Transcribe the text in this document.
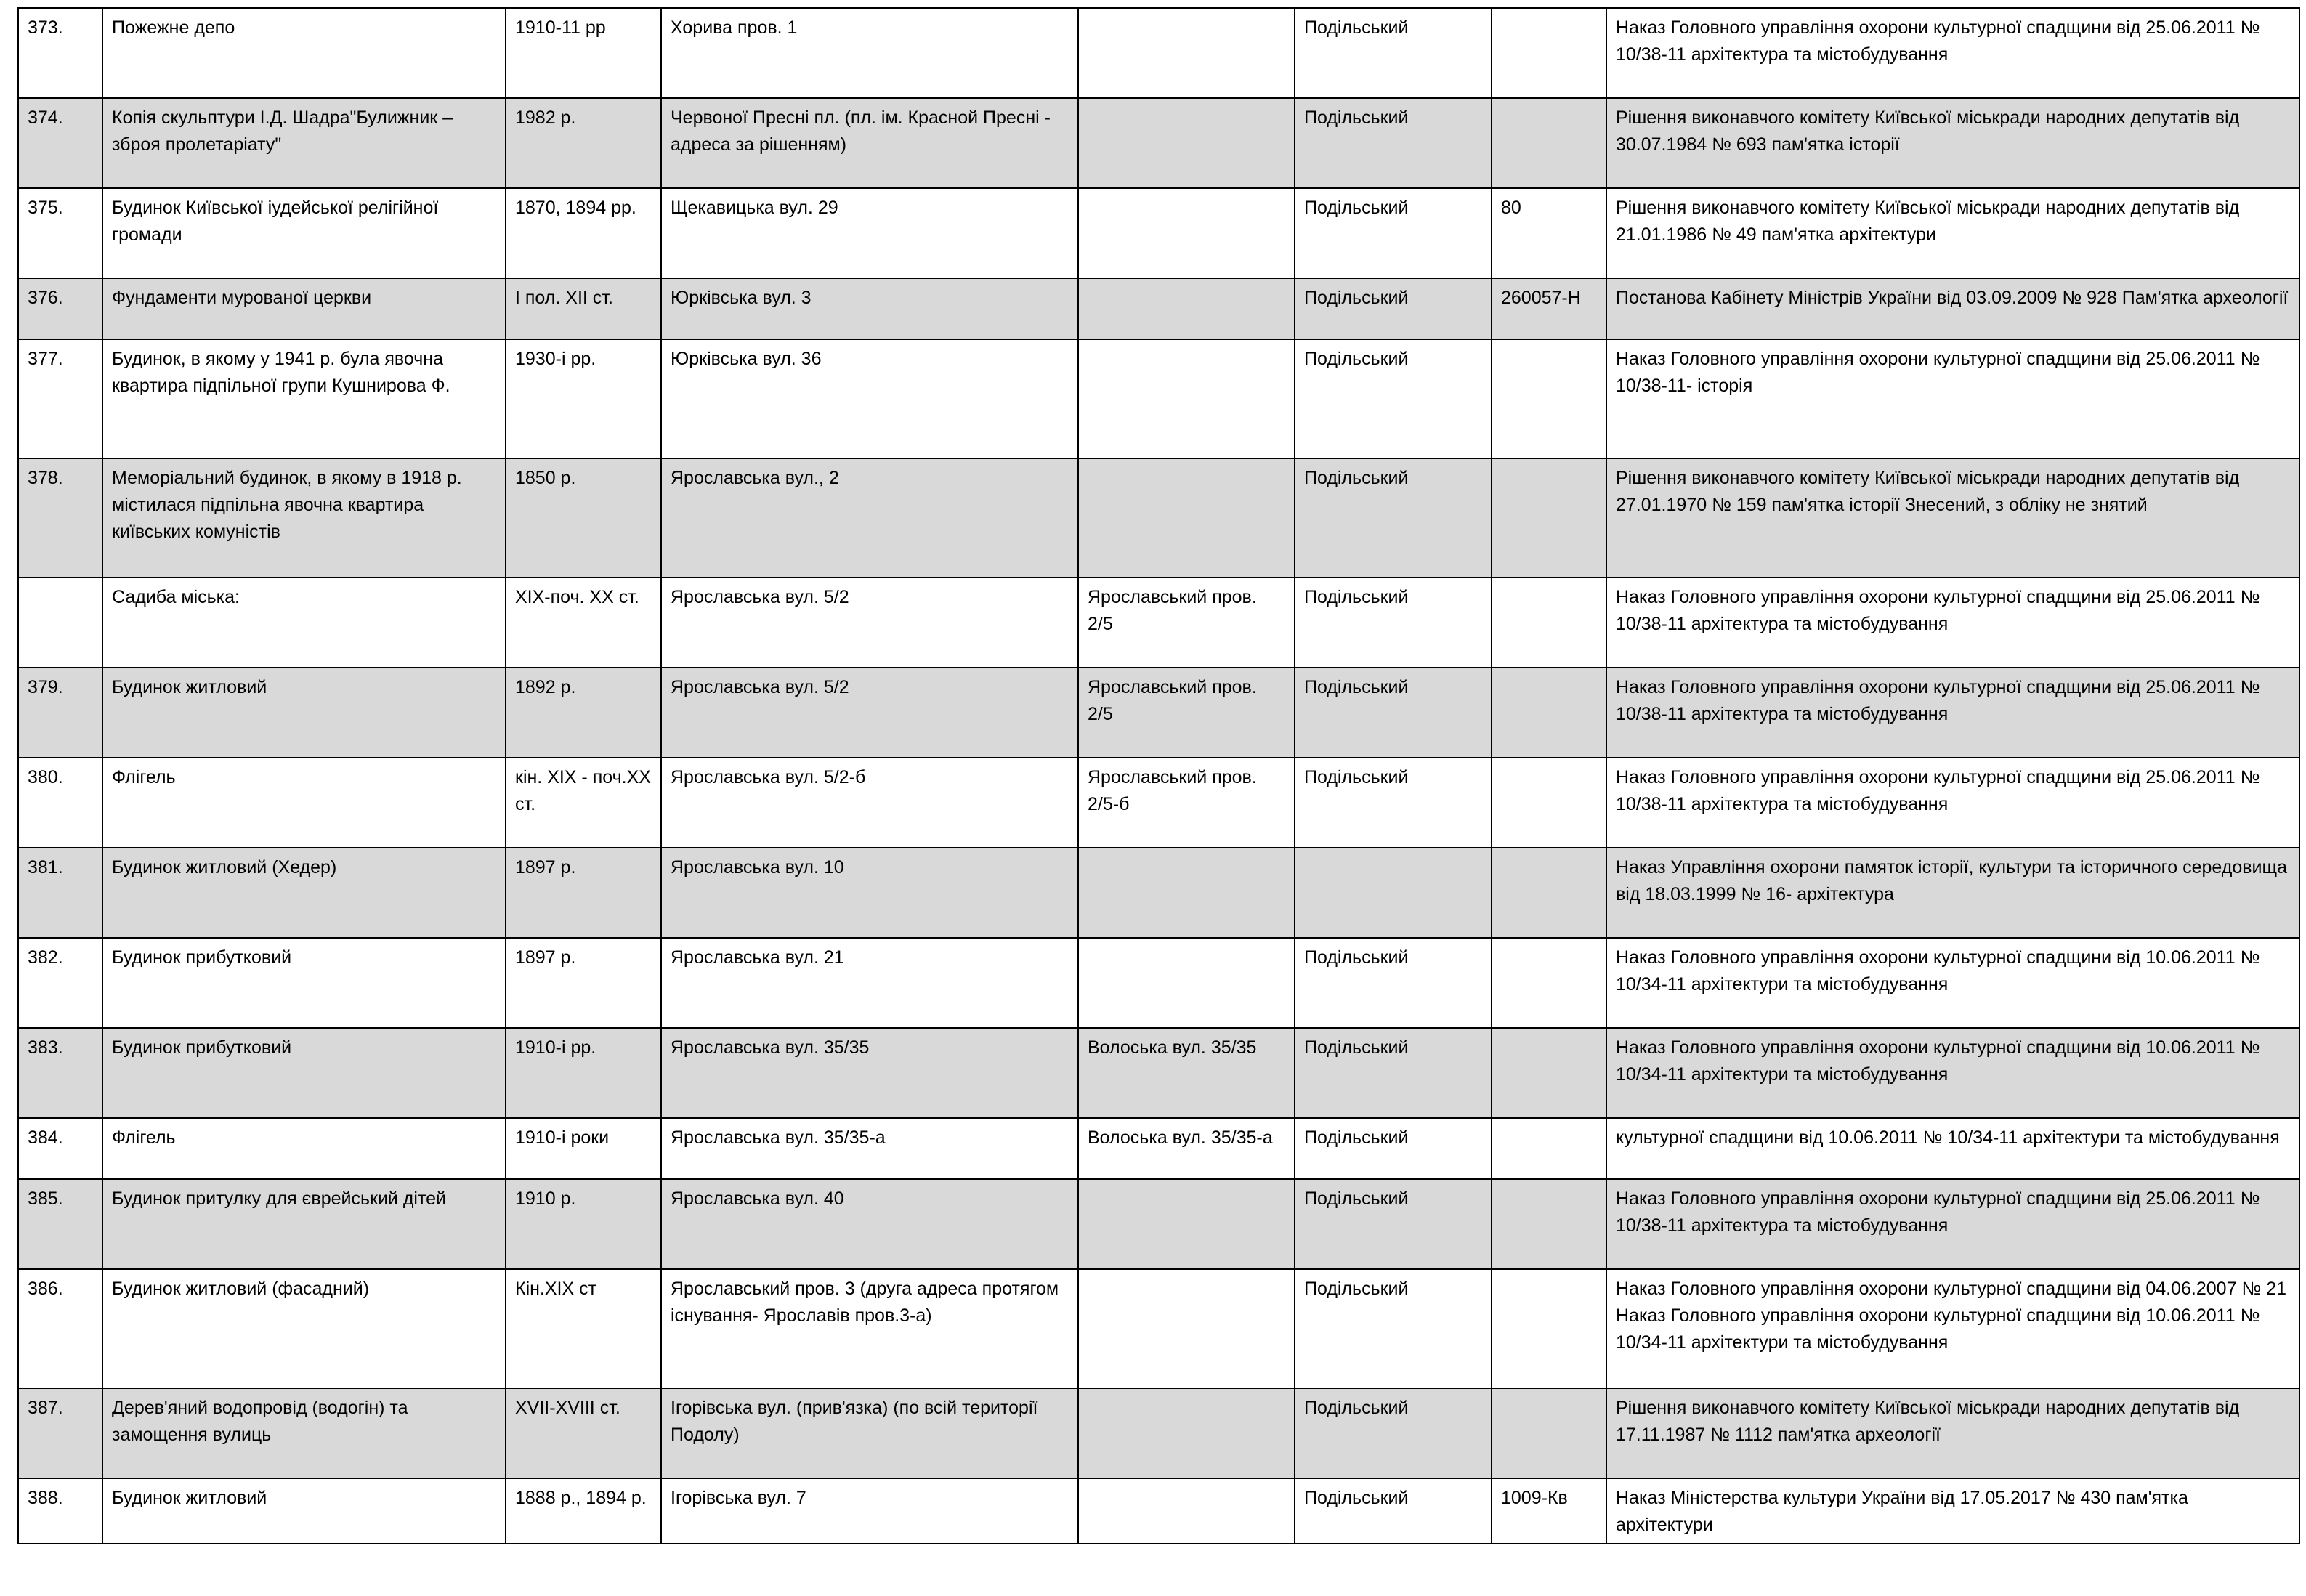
373.	Пожежне депо	1910-11 рр	Хорива пров. 1		Подільський		Наказ Головного управління охорони культурної спадщини від 25.06.2011 № 10/38-11 архітектура та містобудування
374.	Копія скульптури І.Д. Шадра"Булижник – зброя пролетаріату"	1982 р.	Червоної Пресні пл. (пл. ім. Красной Пресні - адреса за рішенням)		Подільський		Рішення виконавчого комітету Київської міськради народних депутатів від 30.07.1984 № 693 пам'ятка історії
375.	Будинок Київської іудейської релігійної громади	1870, 1894 рр.	Щекавицька вул. 29		Подільський	80	Рішення виконавчого комітету Київської міськради народних депутатів від 21.01.1986 № 49 пам'ятка архітектури
376.	Фундаменти мурованої церкви	І пол. ХІІ ст.	Юрківська вул. 3		Подільський	260057-Н	Постанова Кабінету Міністрів України від 03.09.2009 № 928 Пам'ятка археології
377.	Будинок, в якому у 1941 р. була явочна квартира підпільної групи Кушнирова Ф.	1930-і рр.	Юрківська вул. 36		Подільський		Наказ Головного управління охорони культурної спадщини від 25.06.2011 № 10/38-11- історія
378.	Меморіальний будинок, в якому в 1918 р. містилася підпільна явочна квартира київських комуністів	1850 р.	Ярославська вул., 2		Подільський		Рішення виконавчого комітету Київської міськради народних депутатів від 27.01.1970 № 159 пам'ятка історії Знесений, з обліку не знятий
	Садиба міська:	ХІХ-поч. ХХ ст.	Ярославська вул. 5/2	Ярославський пров. 2/5	Подільський		Наказ Головного управління охорони культурної спадщини від 25.06.2011 № 10/38-11 архітектура та містобудування
379.	Будинок житловий	1892 р.	Ярославська вул. 5/2	Ярославський пров. 2/5	Подільський		Наказ Головного управління охорони культурної спадщини від 25.06.2011 № 10/38-11 архітектура та містобудування
380.	Флігель	кін. ХІХ - поч.ХХ ст.	Ярославська вул. 5/2-б	Ярославський пров. 2/5-б	Подільський		Наказ Головного управління охорони культурної спадщини від 25.06.2011 № 10/38-11 архітектура та містобудування
381.	Будинок житловий (Хедер)	1897 р.	Ярославська вул. 10				Наказ Управління охорони памяток історії, культури та історичного середовища від 18.03.1999 № 16- архітектура
382.	Будинок прибутковий	1897 р.	Ярославська вул. 21		Подільський		Наказ Головного управління охорони культурної спадщини від 10.06.2011 № 10/34-11 архітектури та містобудування
383.	Будинок прибутковий	1910-і рр.	Ярославська вул. 35/35	Волоська вул. 35/35	Подільський		Наказ Головного управління охорони культурної спадщини від 10.06.2011 № 10/34-11 архітектури та містобудування
384.	Флігель	1910-і роки	Ярославська вул. 35/35-а	Волоська вул. 35/35-а	Подільський		культурної спадщини від 10.06.2011 № 10/34-11 архітектури та містобудування
385.	Будинок притулку для єврейський дітей	1910 р.	Ярославська вул. 40		Подільський		Наказ Головного управління охорони культурної спадщини від 25.06.2011 № 10/38-11 архітектура та містобудування
386.	Будинок житловий (фасадний)	Кін.ХІХ ст	Ярославський пров. 3 (друга адреса протягом існування- Ярославів пров.3-а)		Подільський		Наказ Головного управління охорони культурної спадщини від 04.06.2007 № 21 Наказ Головного управління охорони культурної спадщини від 10.06.2011 № 10/34-11 архітектури та містобудування
387.	Дерев'яний водопровід (водогін) та замощення вулиць	ХVІІ-ХVІІІ ст.	Ігорівська вул. (прив'язка) (по всій території Подолу)		Подільський		Рішення виконавчого комітету Київської міськради народних депутатів від 17.11.1987 № 1112 пам'ятка археології
388.	Будинок житловий	1888 р., 1894 р.	Ігорівська вул. 7		Подільський	1009-Кв	Наказ Міністерства культури України від 17.05.2017 № 430 пам'ятка архітектури
